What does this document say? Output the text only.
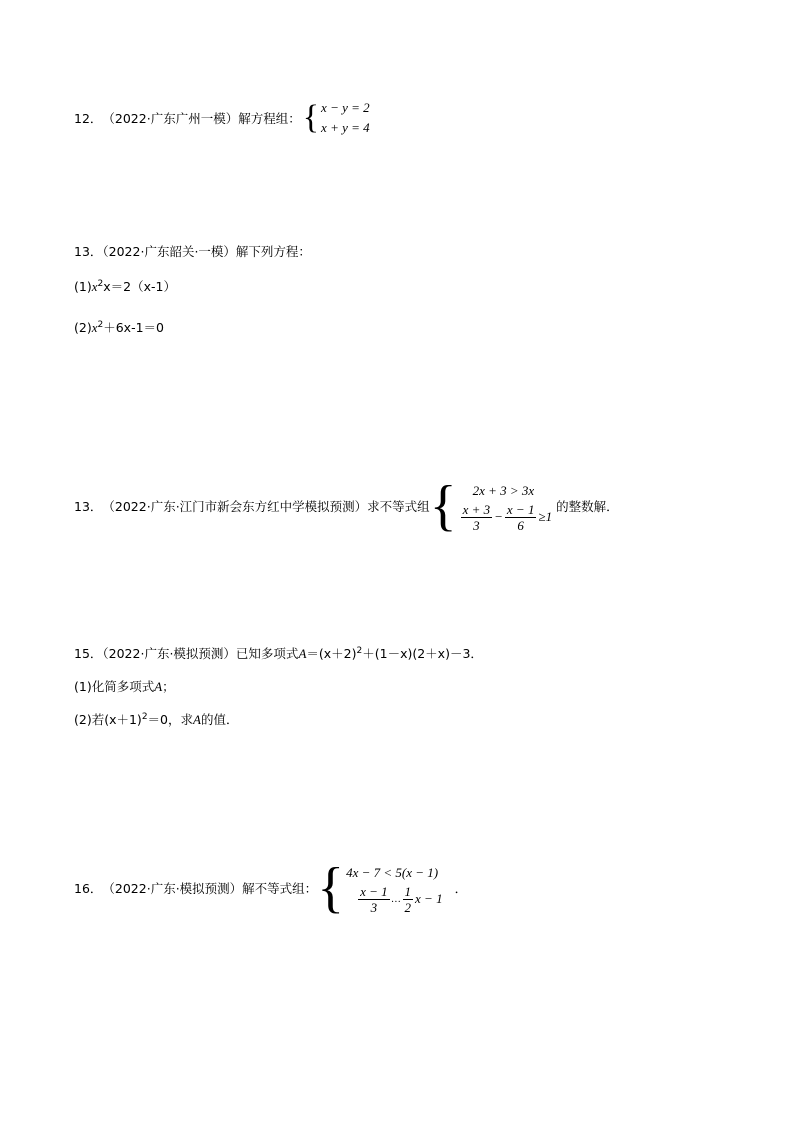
12． （2022·广东广州一模） 解方程组： { x − y = 2
x + y = 4
13．（2022·广东韶关·一模）解下列方程：
$(1)x^2x=2(x-1)$
$(2)x^2+6x-1=0$
13． （2022·广东·江门市新会东方红中学模拟预测） 求不等式组 { 2x + 3 > 3x
$\frac{x + 3}{3} - \frac{x - 1}{6} \ge 1$
的整数解．
15．（2022·广东·模拟预测）已知多项式$A=(x+2)^2+(1-x)(2+x)-3$．
(1)化简多项式A；
(2)若$(x+1)^2=0$，求A的值．
16． （2022·广东·模拟预测） 解不等式组： { 4x − 7 < 5(x − 1)
$\frac{x - 1}{3}$ … $\frac{1}{2}$ x − 1
．
